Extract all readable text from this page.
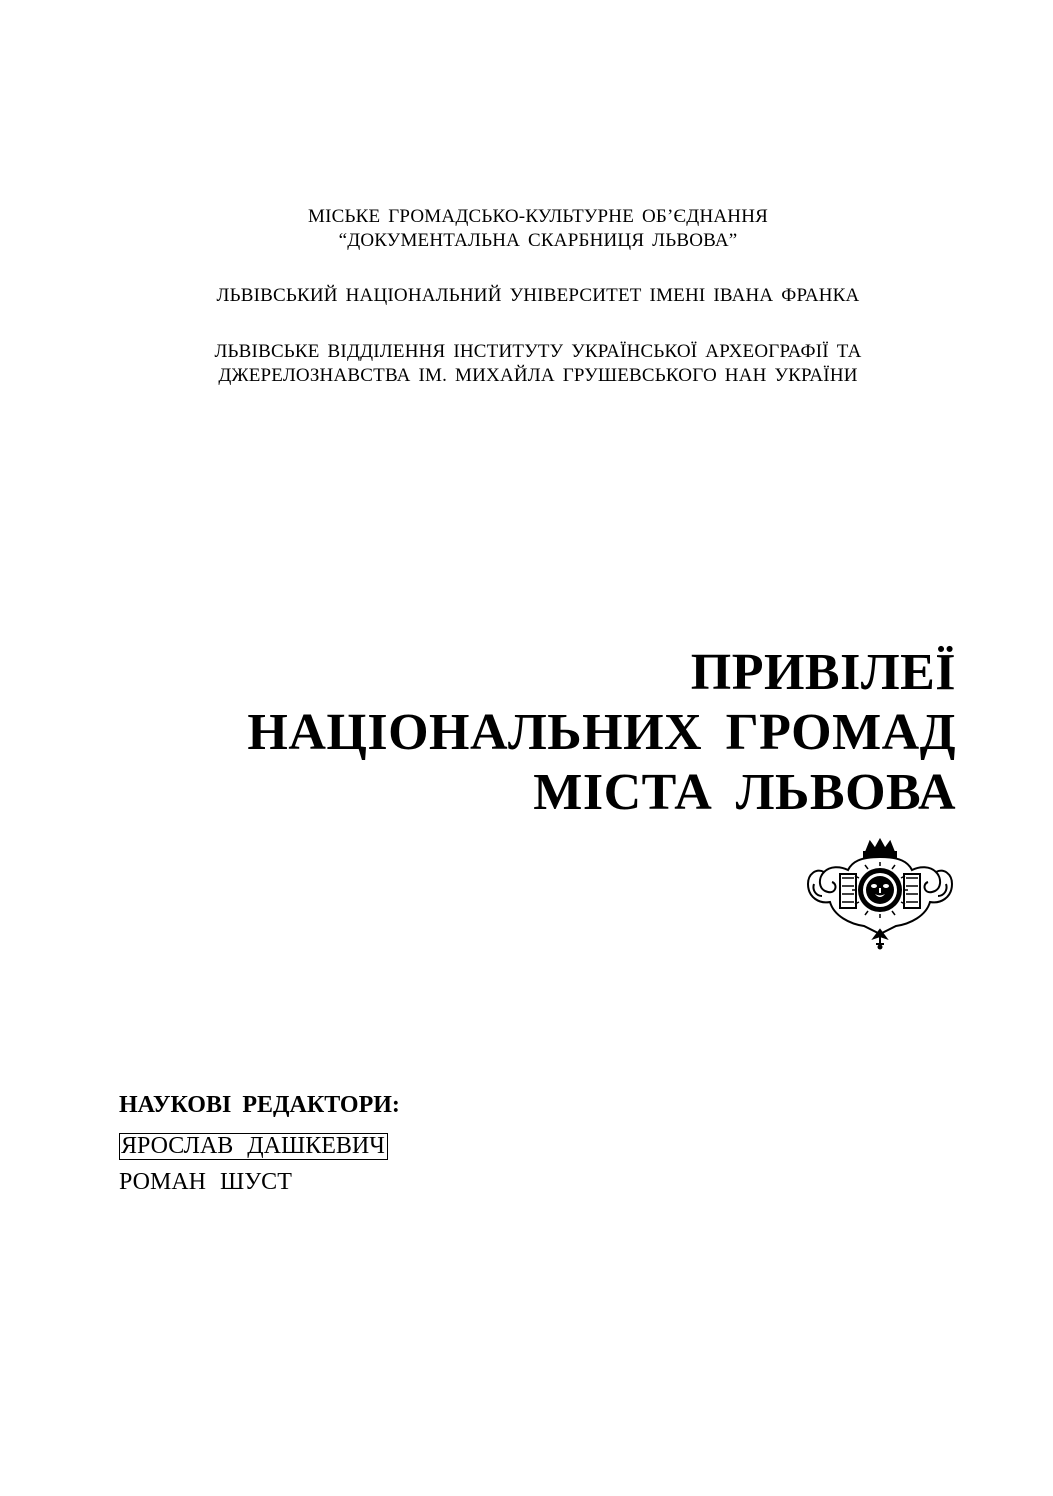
МІСЬКЕ ГРОМАДСЬКО-КУЛЬТУРНЕ ОБ’ЄДНАННЯ
“ДОКУМЕНТАЛЬНА СКАРБНИЦЯ ЛЬВОВА”
ЛЬВІВСЬКИЙ НАЦІОНАЛЬНИЙ УНІВЕРСИТЕТ ІМЕНІ ІВАНА ФРАНКА
ЛЬВІВСЬКЕ ВІДДІЛЕННЯ ІНСТИТУТУ УКРАЇНСЬКОЇ АРХЕОГРАФІЇ ТА
ДЖЕРЕЛОЗНАВСТВА ІМ. МИХАЙЛА ГРУШЕВСЬКОГО НАН УКРАЇНИ
ПРИВІЛЕЇ
НАЦІОНАЛЬНИХ ГРОМАД
МІСТА ЛЬВОВА
НАУКОВІ РЕДАКТОРИ:
ЯРОСЛАВ ДАШКЕВИЧ
РОМАН ШУСТ
